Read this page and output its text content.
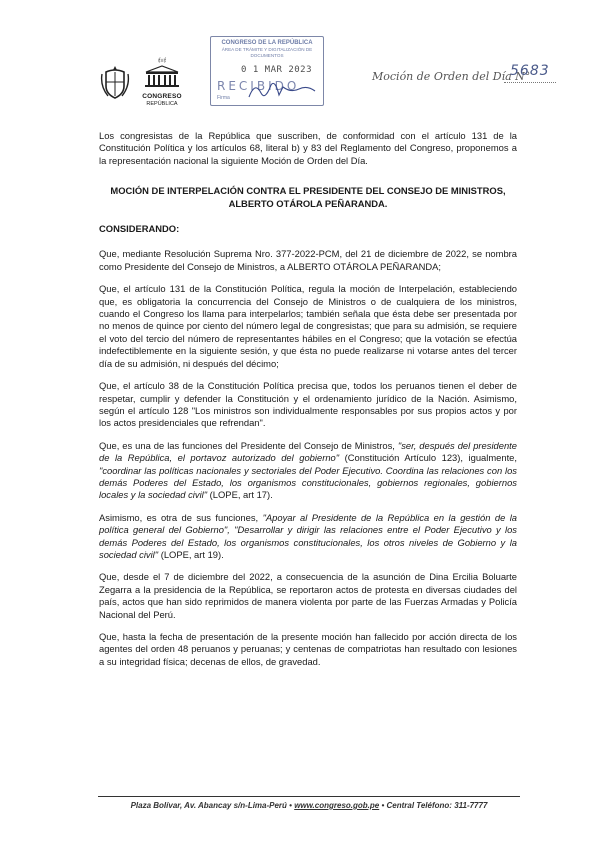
ई॥ई
CONGRESO
REPÚBLICA
CONGRESO DE LA REPÚBLICA
ÁREA DE TRÁMITE Y DIGITALIZACIÓN DE DOCUMENTOS
0 1 MAR 2023
RECIBIDO
Firma
Moción de Orden del Día N°
5683

Los congresistas de la República que suscriben, de conformidad con el artículo 131 de la Constitución Política y los artículos 68, literal b) y 83 del Reglamento del Congreso, proponemos a la representación nacional la siguiente Moción de Orden del Día.

MOCIÓN DE INTERPELACIÓN CONTRA EL PRESIDENTE DEL CONSEJO DE MINISTROS, ALBERTO OTÁROLA PEÑARANDA.

CONSIDERANDO:

Que, mediante Resolución Suprema Nro. 377-2022-PCM, del 21 de diciembre de 2022, se nombra como Presidente del Consejo de Ministros, a ALBERTO OTÁROLA PEÑARANDA;

Que, el artículo 131 de la Constitución Política, regula la moción de Interpelación, estableciendo que, es obligatoria la concurrencia del Consejo de Ministros o de cualquiera de los ministros, cuando el Congreso los llama para interpelarlos; también señala que ésta debe ser presentada por no menos de quince por ciento del número legal de congresistas; que para su admisión, se requiere el voto del tercio del número de representantes hábiles en el Congreso; que la votación se efectúa indefectiblemente en la siguiente sesión, y que ésta no puede realizarse ni votarse antes del tercer día de su admisión, ni después del décimo;

Que, el artículo 38 de la Constitución Política precisa que, todos los peruanos tienen el deber de respetar, cumplir y defender la Constitución y el ordenamiento jurídico de la Nación. Asimismo, según el artículo 128 "Los ministros son individualmente responsables por sus propios actos y por los actos presidenciales que refrendan".

Que, es una de las funciones del Presidente del Consejo de Ministros, "ser, después del presidente de la República, el portavoz autorizado del gobierno" (Constitución Artículo 123), igualmente, "coordinar las políticas nacionales y sectoriales del Poder Ejecutivo. Coordina las relaciones con los demás Poderes del Estado, los organismos constitucionales, gobiernos regionales, gobiernos locales y la sociedad civil" (LOPE, art 17).

Asimismo, es otra de sus funciones, "Apoyar al Presidente de la República en la gestión de la política general del Gobierno", "Desarrollar y dirigir las relaciones entre el Poder Ejecutivo y los demás Poderes del Estado, los organismos constitucionales, los otros niveles de Gobierno y la sociedad civil" (LOPE, art 19).

Que, desde el 7 de diciembre del 2022, a consecuencia de la asunción de Dina Ercilia Boluarte Zegarra a la presidencia de la República, se reportaron actos de protesta en diversas ciudades del país, actos que han sido reprimidos de manera violenta por parte de las Fuerzas Armadas y Policía Nacional del Perú.

Que, hasta la fecha de presentación de la presente moción han fallecido por acción directa de los agentes del orden 48 peruanos y peruanas; y centenas de compatriotas han resultado con lesiones a su integridad física; decenas de ellos, de gravedad.

Plaza Bolívar, Av. Abancay s/n-Lima-Perú • www.congreso.gob.pe • Central Teléfono: 311-7777
